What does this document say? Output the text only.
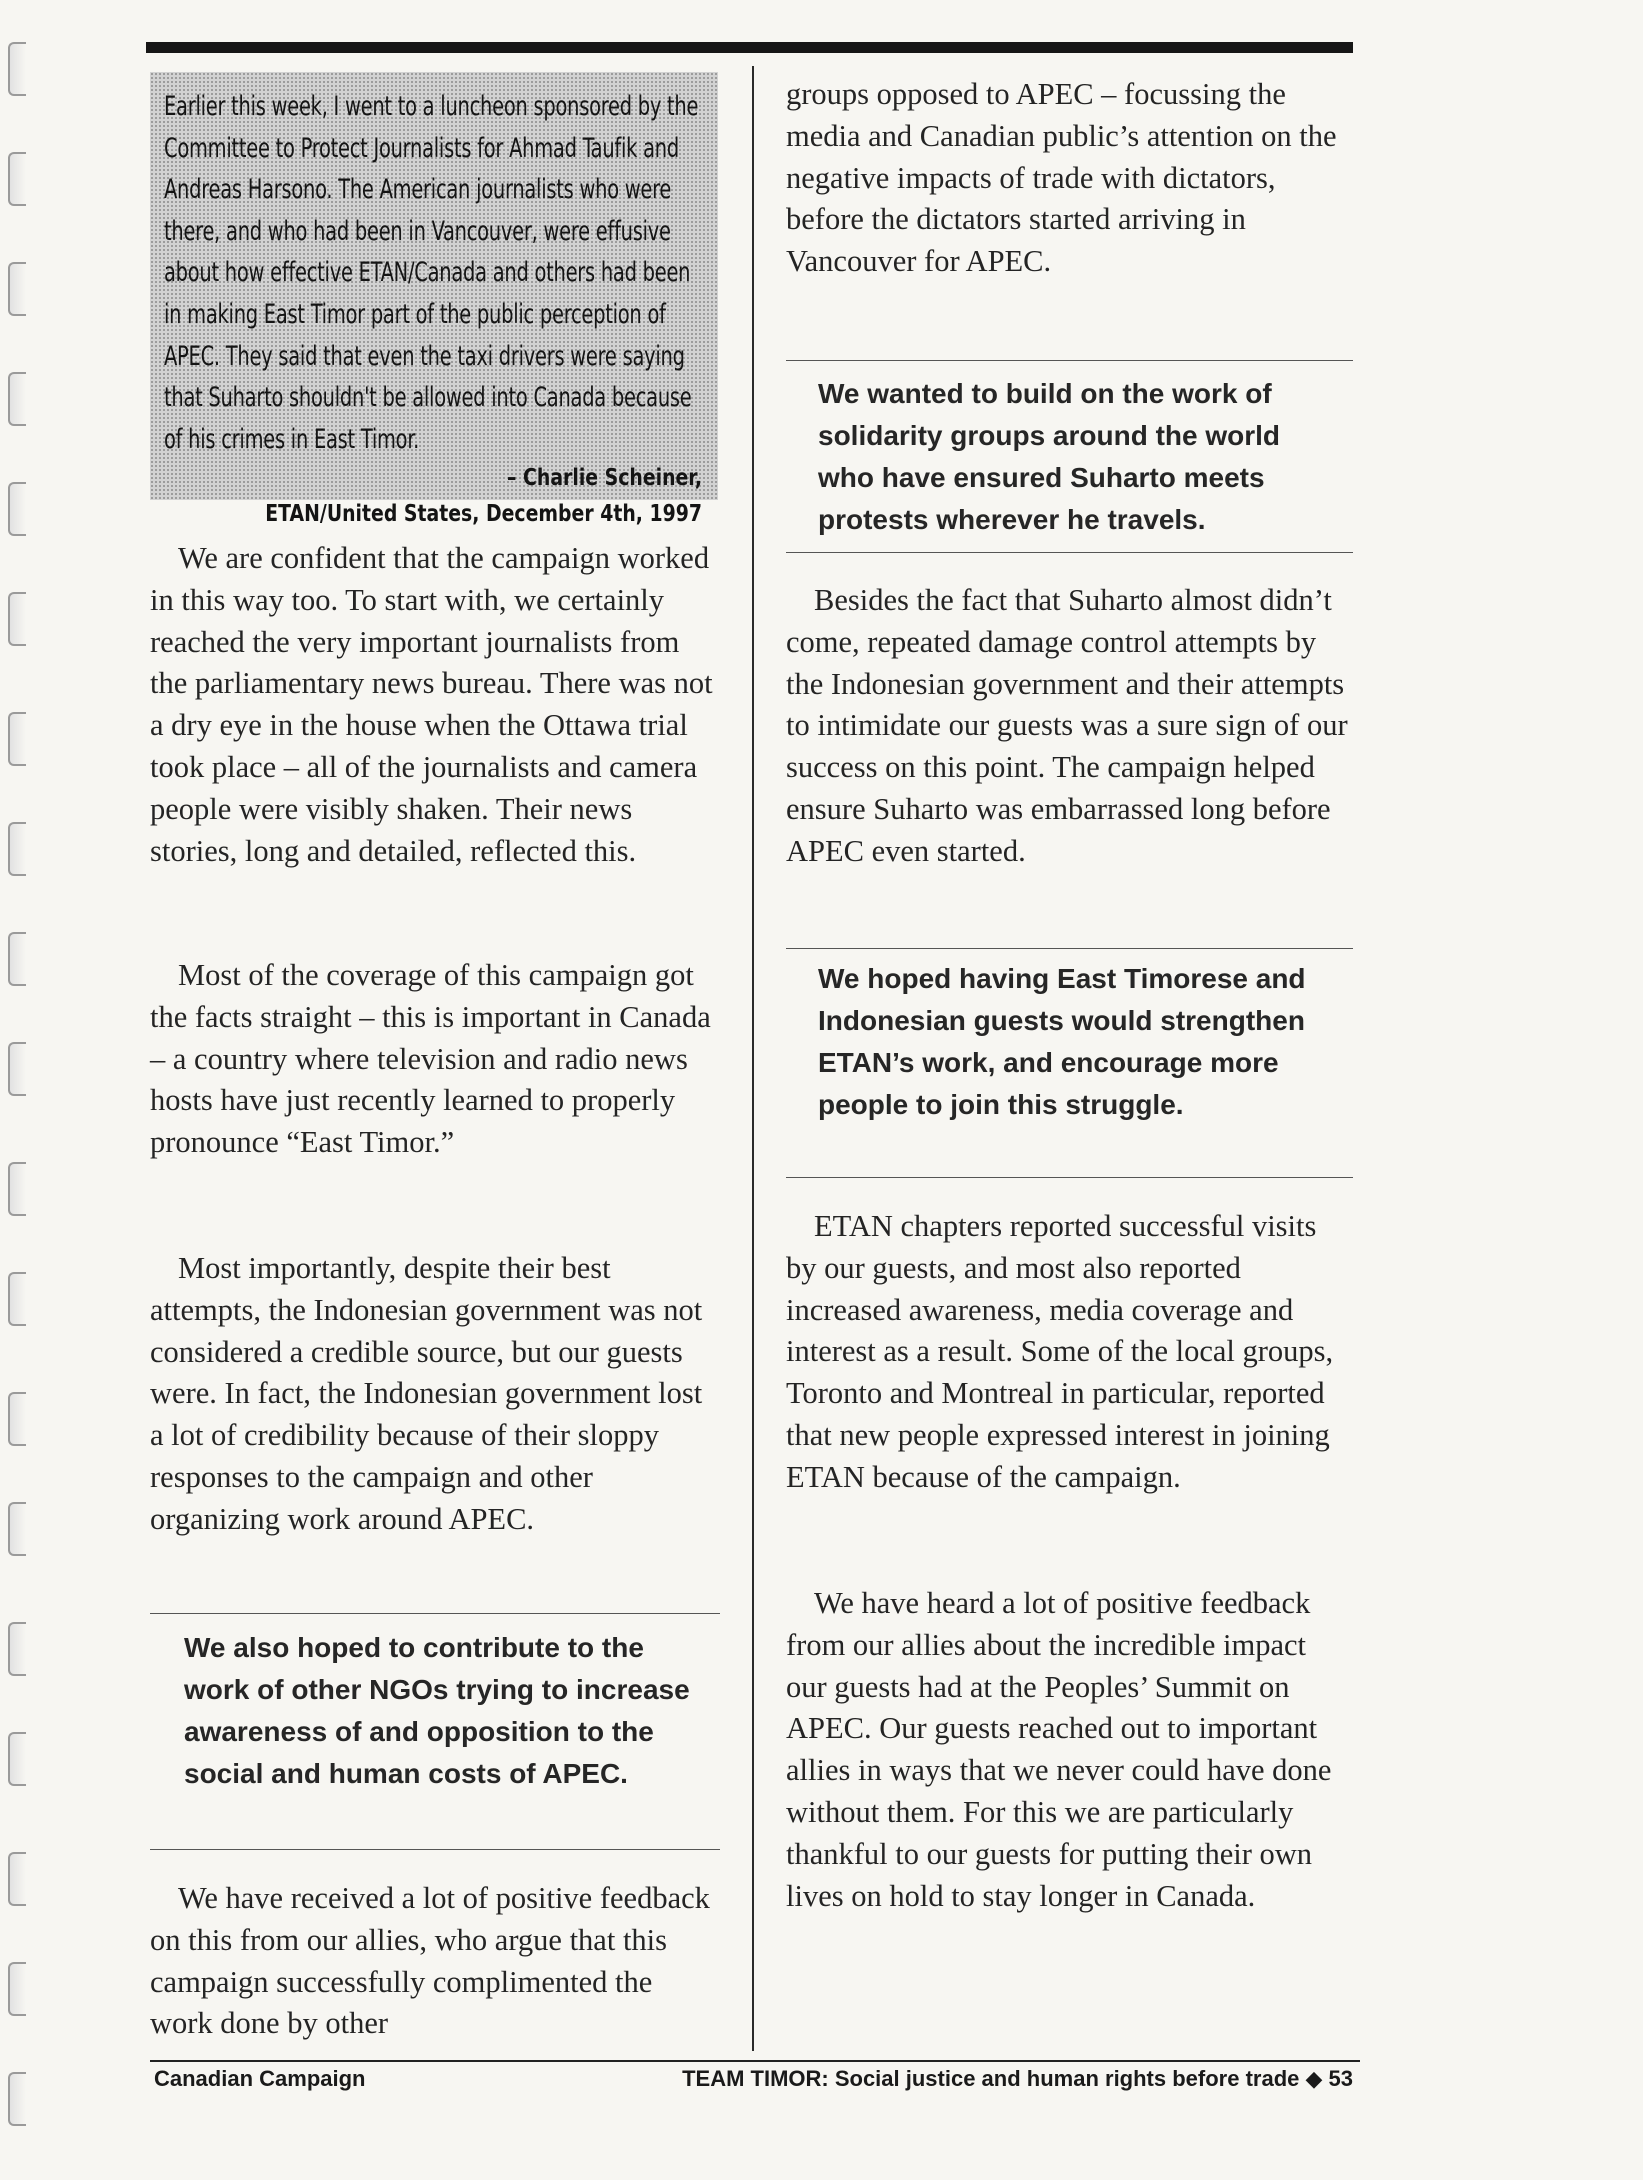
Earlier this week, I went to a luncheon sponsored by the Committee to Protect Journalists for Ahmad Taufik and Andreas Harsono. The American journalists who were there, and who had been in Vancouver, were effusive about how effective ETAN/Canada and others had been in making East Timor part of the public perception of APEC. They said that even the taxi drivers were saying that Suharto shouldn't be allowed into Canada because of his crimes in East Timor.
– Charlie Scheiner,
ETAN/United States, December 4th, 1997

We are confident that the campaign worked in this way too. To start with, we certainly reached the very important journalists from the parliamentary news bureau. There was not a dry eye in the house when the Ottawa trial took place – all of the journalists and camera people were visibly shaken. Their news stories, long and detailed, reflected this.

Most of the coverage of this campaign got the facts straight – this is important in Canada – a country where television and radio news hosts have just recently learned to properly pronounce “East Timor.”

Most importantly, despite their best attempts, the Indonesian government was not considered a credible source, but our guests were. In fact, the Indonesian government lost a lot of credibility because of their sloppy responses to the campaign and other organizing work around APEC.

We also hoped to contribute to the work of other NGOs trying to increase awareness of and opposition to the social and human costs of APEC.

We have received a lot of positive feedback on this from our allies, who argue that this campaign successfully complimented the work done by other

groups opposed to APEC – focussing the media and Canadian public’s attention on the negative impacts of trade with dictators, before the dictators started arriving in Vancouver for APEC.

We wanted to build on the work of solidarity groups around the world who have ensured Suharto meets protests wherever he travels.

Besides the fact that Suharto almost didn’t come, repeated damage control attempts by the Indonesian government and their attempts to intimidate our guests was a sure sign of our success on this point. The campaign helped ensure Suharto was embarrassed long before APEC even started.

We hoped having East Timorese and Indonesian guests would strengthen ETAN’s work, and encourage more people to join this struggle.

ETAN chapters reported successful visits by our guests, and most also reported increased awareness, media coverage and interest as a result. Some of the local groups, Toronto and Montreal in particular, reported that new people expressed interest in joining ETAN because of the campaign.

We have heard a lot of positive feedback from our allies about the incredible impact our guests had at the Peoples’ Summit on APEC. Our guests reached out to important allies in ways that we never could have done without them. For this we are particularly thankful to our guests for putting their own lives on hold to stay longer in Canada.

Canadian Campaign	TEAM TIMOR: Social justice and human rights before trade ◆ 53
